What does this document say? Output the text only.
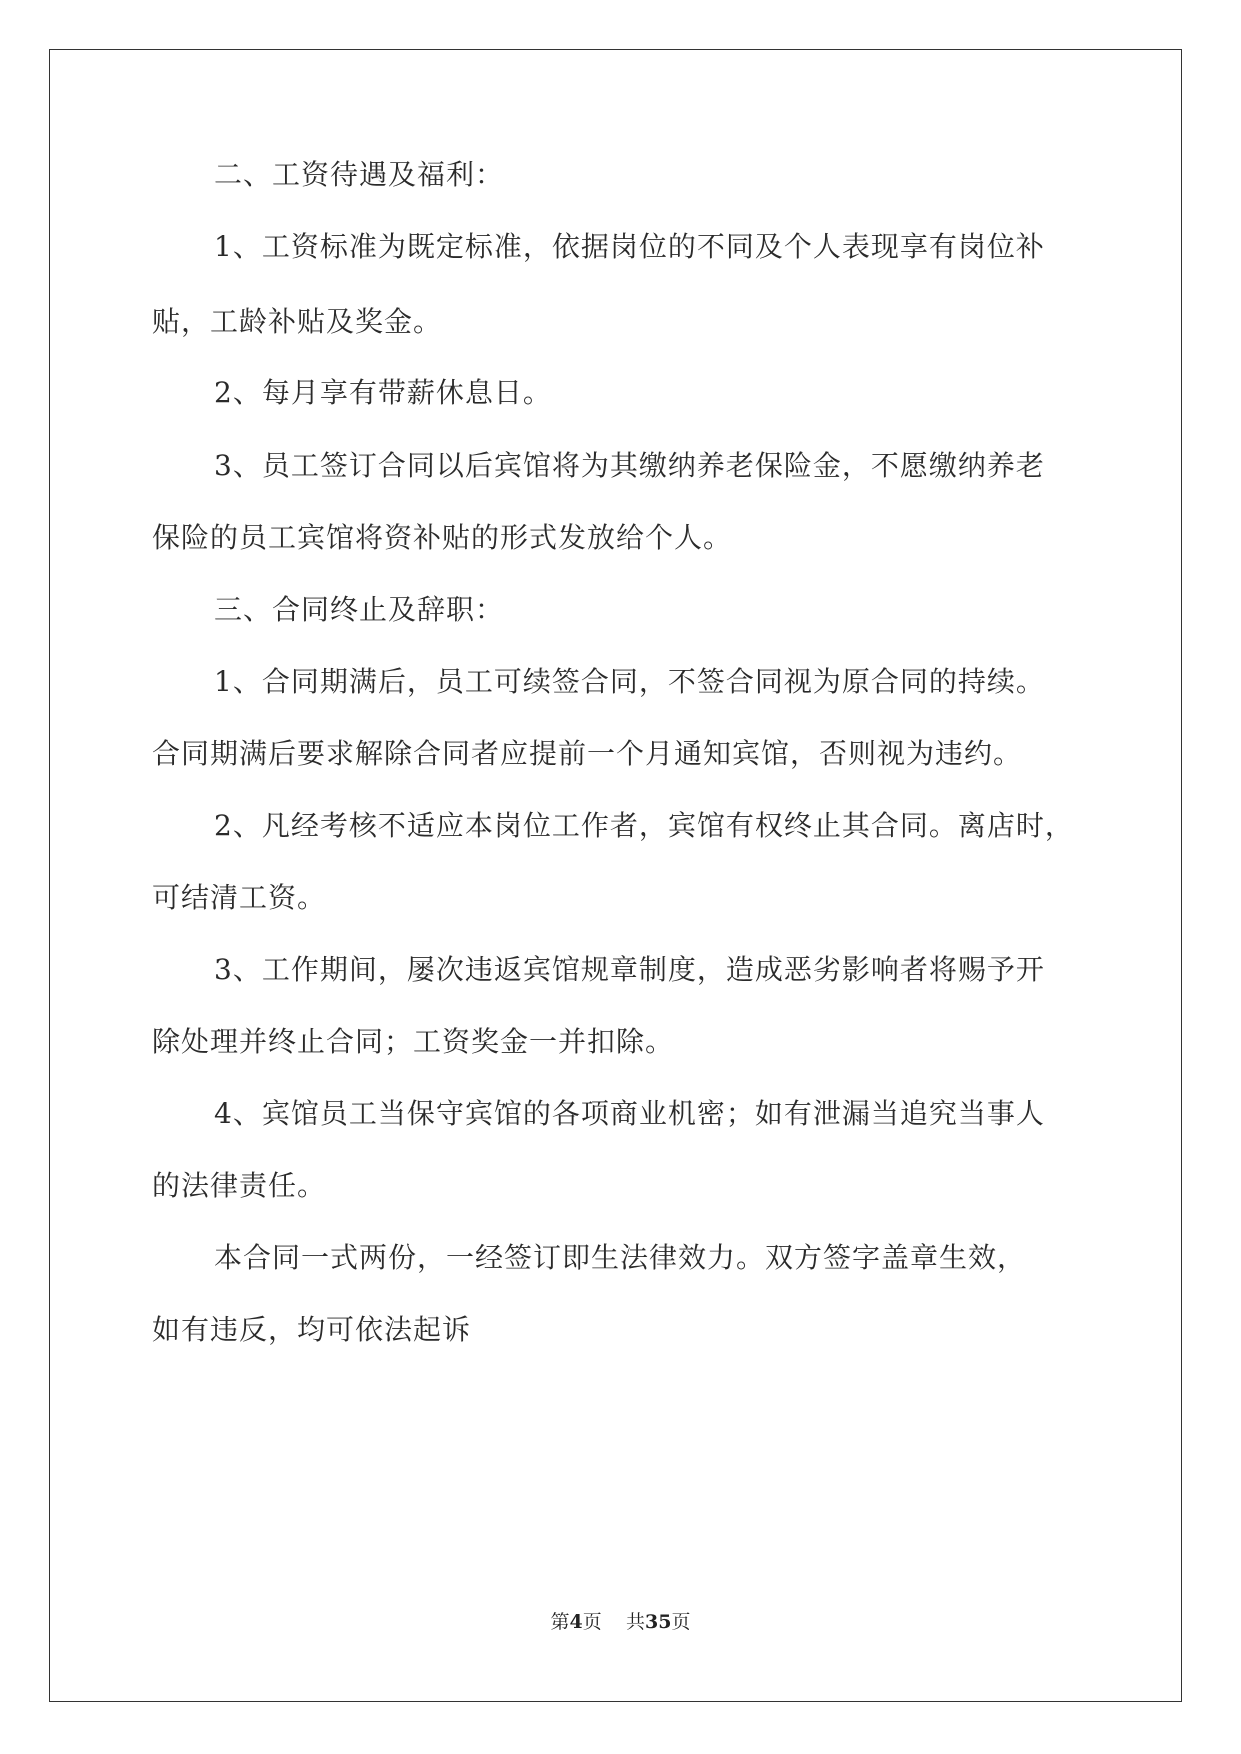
二、工资待遇及福利：
1、工资标准为既定标准，依据岗位的不同及个人表现享有岗位补
贴，工龄补贴及奖金。
2、每月享有带薪休息日。
3、员工签订合同以后宾馆将为其缴纳养老保险金，不愿缴纳养老
保险的员工宾馆将资补贴的形式发放给个人。
三、合同终止及辞职：
1、合同期满后，员工可续签合同，不签合同视为原合同的持续。
合同期满后要求解除合同者应提前一个月通知宾馆，否则视为违约。
2、凡经考核不适应本岗位工作者，宾馆有权终止其合同。离店时，
可结清工资。
3、工作期间，屡次违返宾馆规章制度，造成恶劣影响者将赐予开
除处理并终止合同；工资奖金一并扣除。
4、宾馆员工当保守宾馆的各项商业机密；如有泄漏当追究当事人
的法律责任。
本合同一式两份，一经签订即生法律效力。双方签字盖章生效，
如有违反，均可依法起诉
第4页 共35页
